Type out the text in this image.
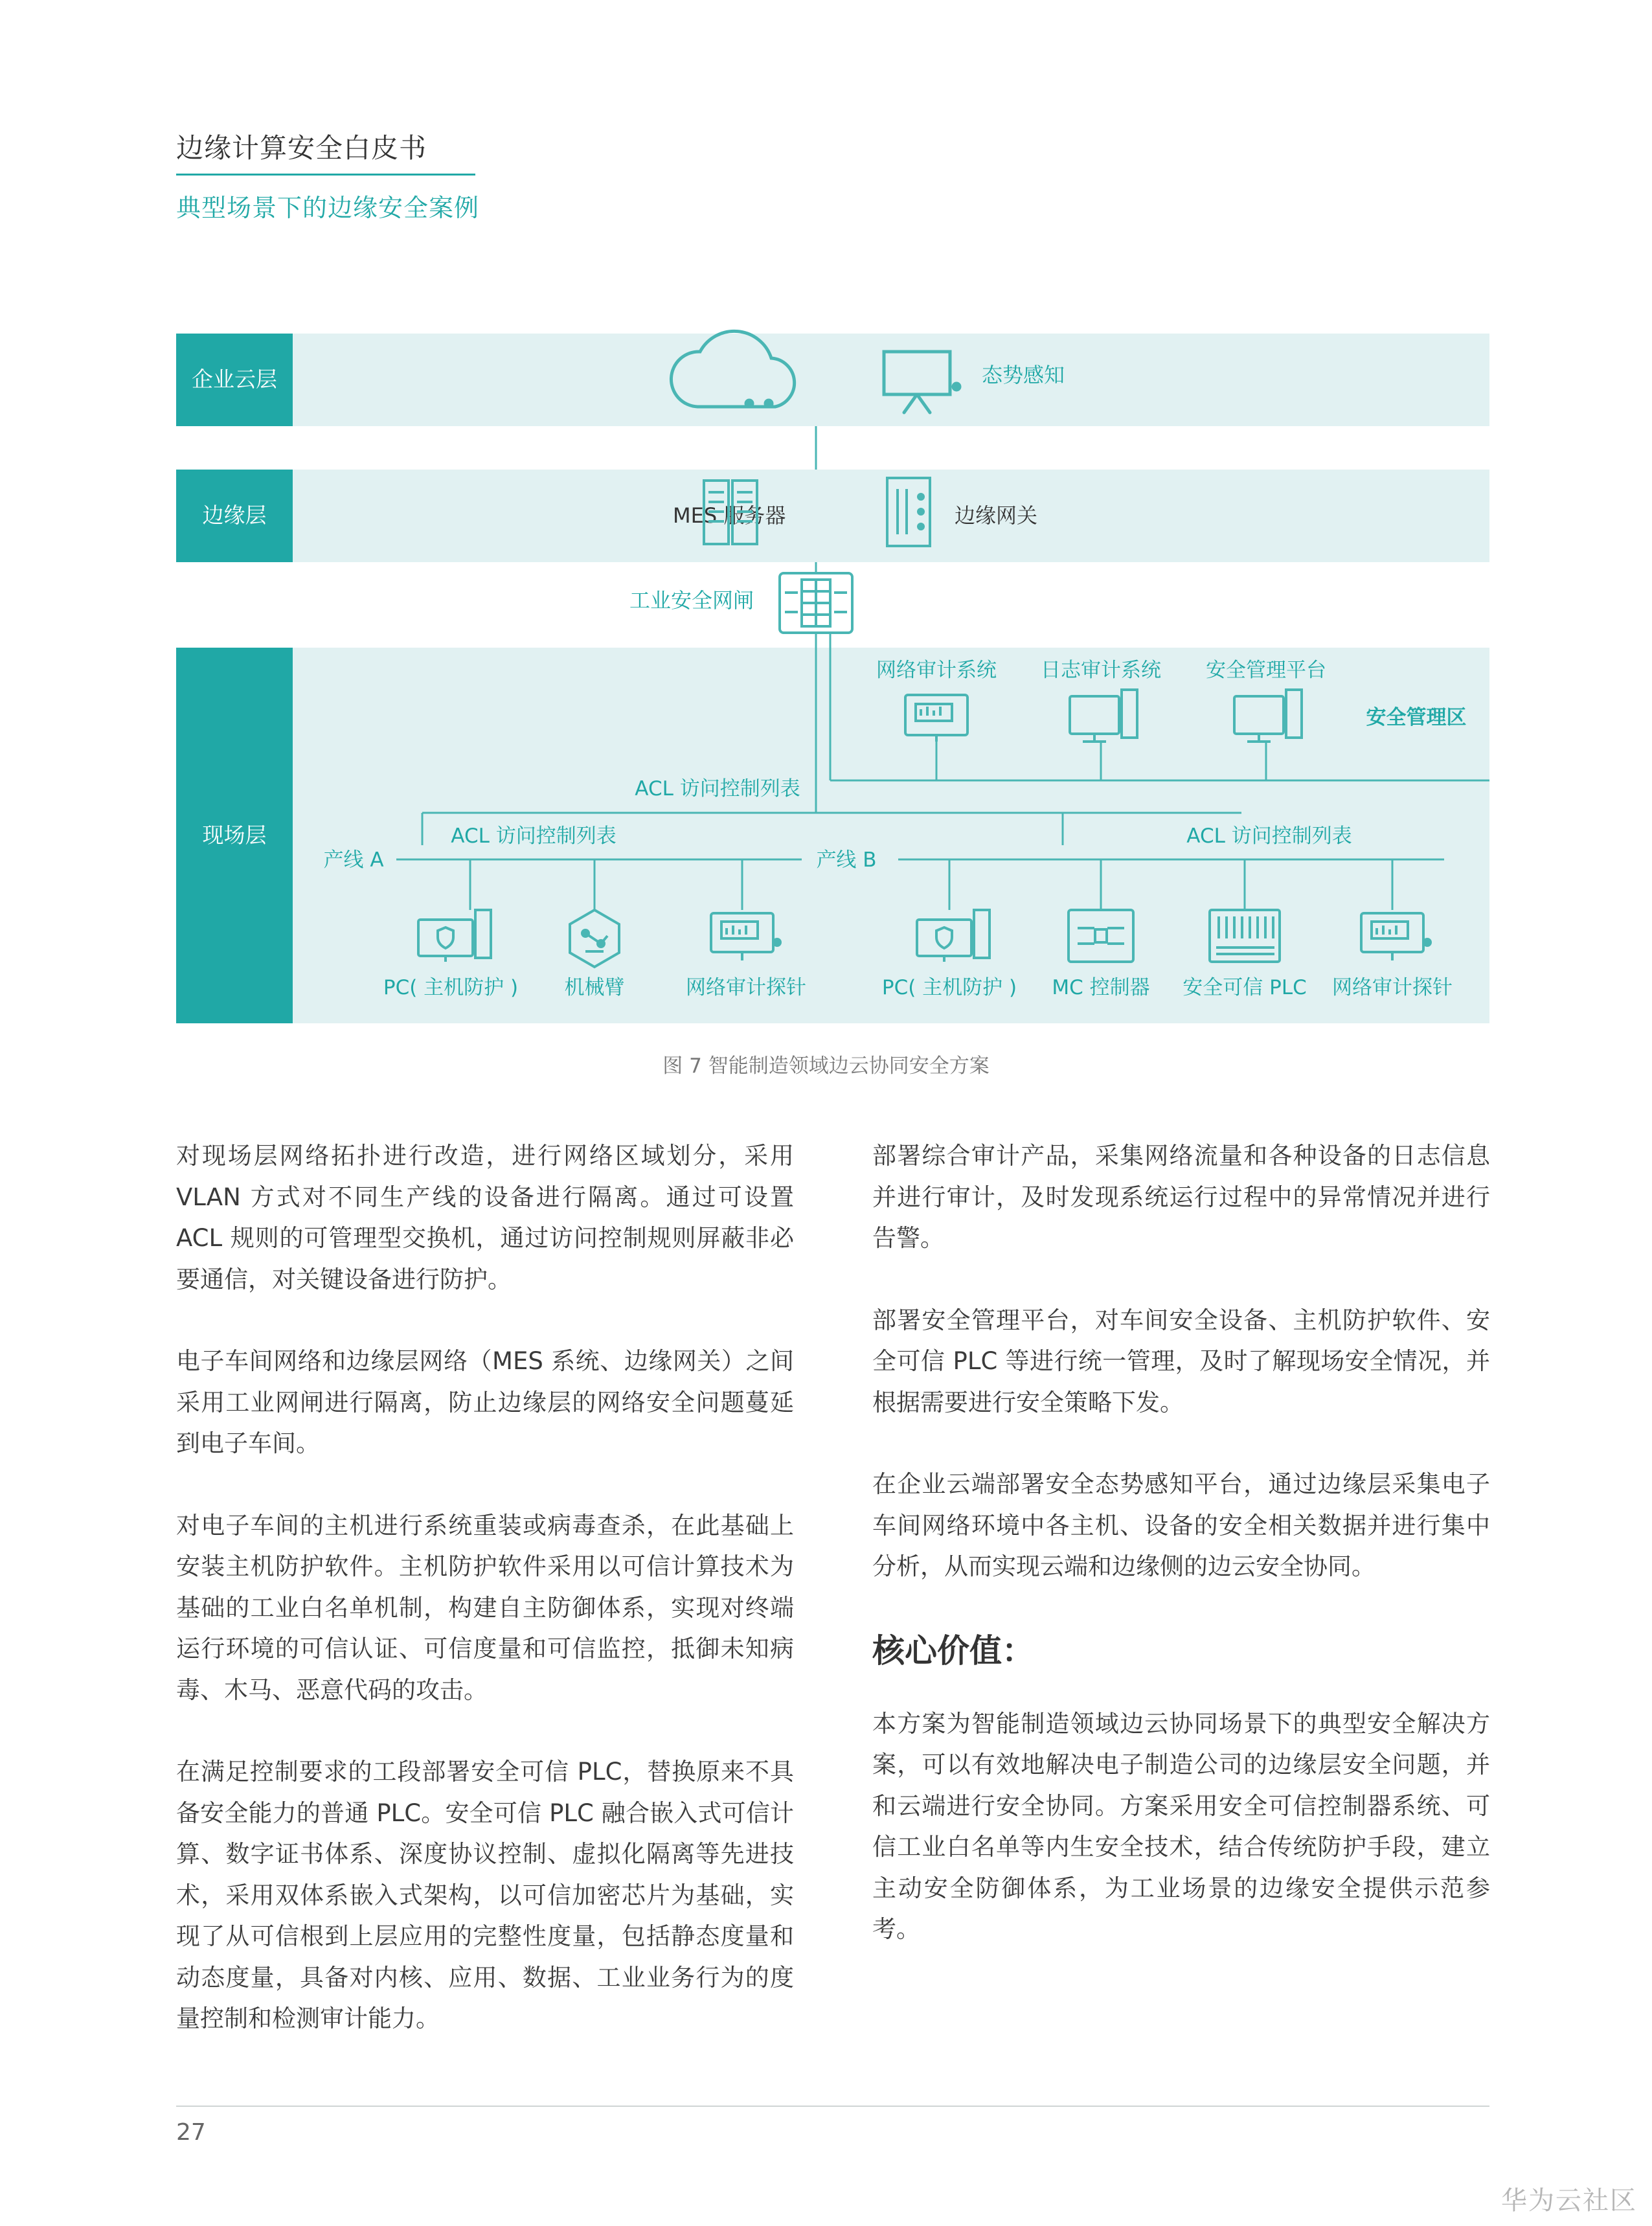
边缘计算安全白皮书
典型场景下的边缘安全案例
企业云层
边缘层
现场层
态势感知
MES 服务器	边缘网关
工业安全网闸
网络审计系统 日志审计系统 安全管理平台
安全管理区
ACL 访问控制列表
ACL 访问控制列表	ACL 访问控制列表
产线 A	产线 B
PC( 主机防护 ) 机械臂	网络审计探针	PC( 主机防护 ) MC 控制器 安全可信 PLC 网络审计探针
图 7 智能制造领域边云协同安全方案

对现场层网络拓扑进行改造，进行网络区域划分，采用 VLAN 方式对不同生产线的设备进行隔离。通过可设置 ACL 规则的可管理型交换机，通过访问控制规则屏蔽非必要通信，对关键设备进行防护。

电子车间网络和边缘层网络（MES 系统、边缘网关）之间采用工业网闸进行隔离，防止边缘层的网络安全问题蔓延到电子车间。

对电子车间的主机进行系统重装或病毒查杀，在此基础上安装主机防护软件。主机防护软件采用以可信计算技术为基础的工业白名单机制，构建自主防御体系，实现对终端运行环境的可信认证、可信度量和可信监控，抵御未知病毒、木马、恶意代码的攻击。

在满足控制要求的工段部署安全可信 PLC，替换原来不具备安全能力的普通 PLC。安全可信 PLC 融合嵌入式可信计算、数字证书体系、深度协议控制、虚拟化隔离等先进技术，采用双体系嵌入式架构，以可信加密芯片为基础，实现了从可信根到上层应用的完整性度量，包括静态度量和动态度量，具备对内核、应用、数据、工业业务行为的度量控制和检测审计能力。

部署综合审计产品，采集网络流量和各种设备的日志信息并进行审计，及时发现系统运行过程中的异常情况并进行告警。

部署安全管理平台，对车间安全设备、主机防护软件、安全可信 PLC 等进行统一管理，及时了解现场安全情况，并根据需要进行安全策略下发。

在企业云端部署安全态势感知平台，通过边缘层采集电子车间网络环境中各主机、设备的安全相关数据并进行集中分析，从而实现云端和边缘侧的边云安全协同。

核心价值：

本方案为智能制造领域边云协同场景下的典型安全解决方案，可以有效地解决电子制造公司的边缘层安全问题，并和云端进行安全协同。方案采用安全可信控制器系统、可信工业白名单等内生安全技术，结合传统防护手段，建立主动安全防御体系，为工业场景的边缘安全提供示范参考。

27
华为云社区
